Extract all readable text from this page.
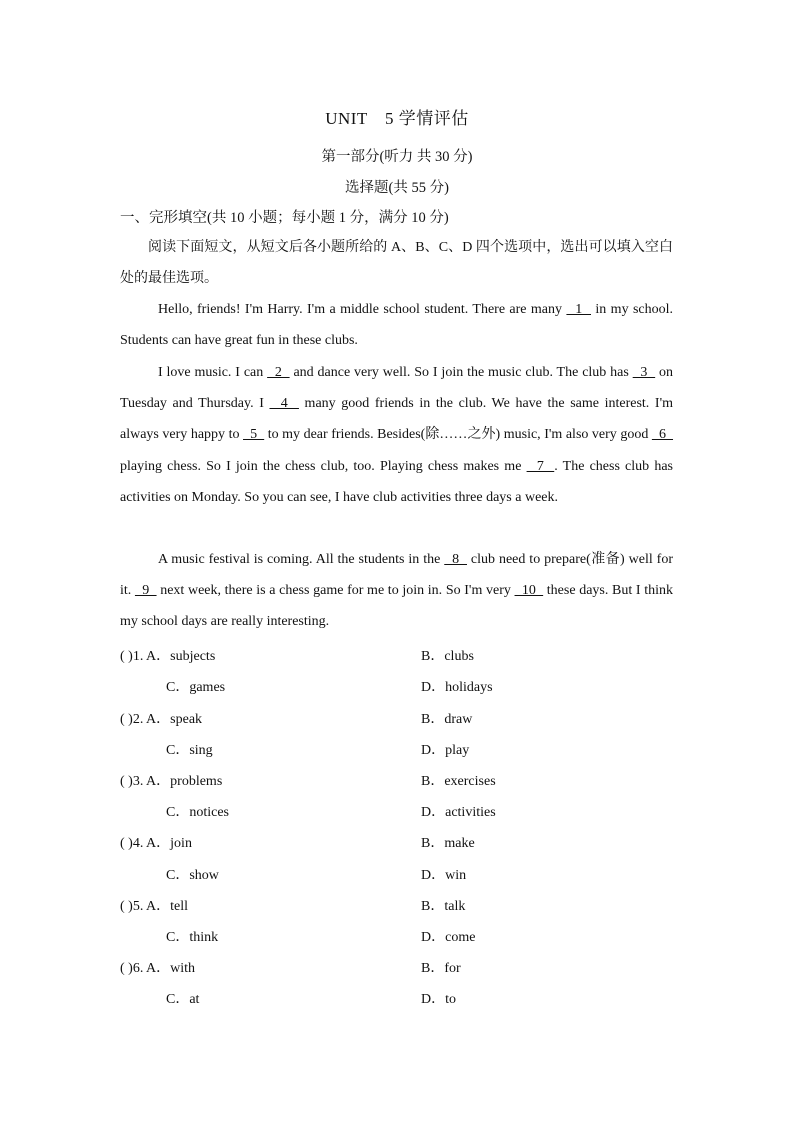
UNIT　5 学情评估
第一部分(听力 共 30 分)
选择题(共 55 分)
一、完形填空(共 10 小题；每小题 1 分，满分 10 分)
阅读下面短文，从短文后各小题所给的 A、B、C、D 四个选项中，选出可以填入空白处的最佳选项。
Hello, friends! I'm Harry. I'm a middle school student. There are many   1   in my school. Students can have great fun in these clubs.
I love music. I can   2   and dance very well. So I join the music club. The club has   3   on Tuesday and Thursday. I   4   many good friends in the club. We have the same interest. I'm always very happy to   5   to my dear friends. Besides(除……之外) music, I'm also very good   6   playing chess. So I join the chess club, too. Playing chess makes me   7  . The chess club has activities on Monday. So you can see, I have club activities three days a week.
A music festival is coming. All the students in the   8   club need to prepare(准备) well for it.   9   next week, there is a chess game for me to join in. So I'm very   10   these days. But I think my school days are really interesting.
( )1. A．subjects	B．clubs
C．games	D．holidays
( )2. A．speak	B．draw
C．sing	D．play
( )3. A．problems	B．exercises
C．notices	D．activities
( )4. A．join	B．make
C．show	D．win
( )5. A．tell	B．talk
C．think	D．come
( )6. A．with	B．for
C．at	D．to
